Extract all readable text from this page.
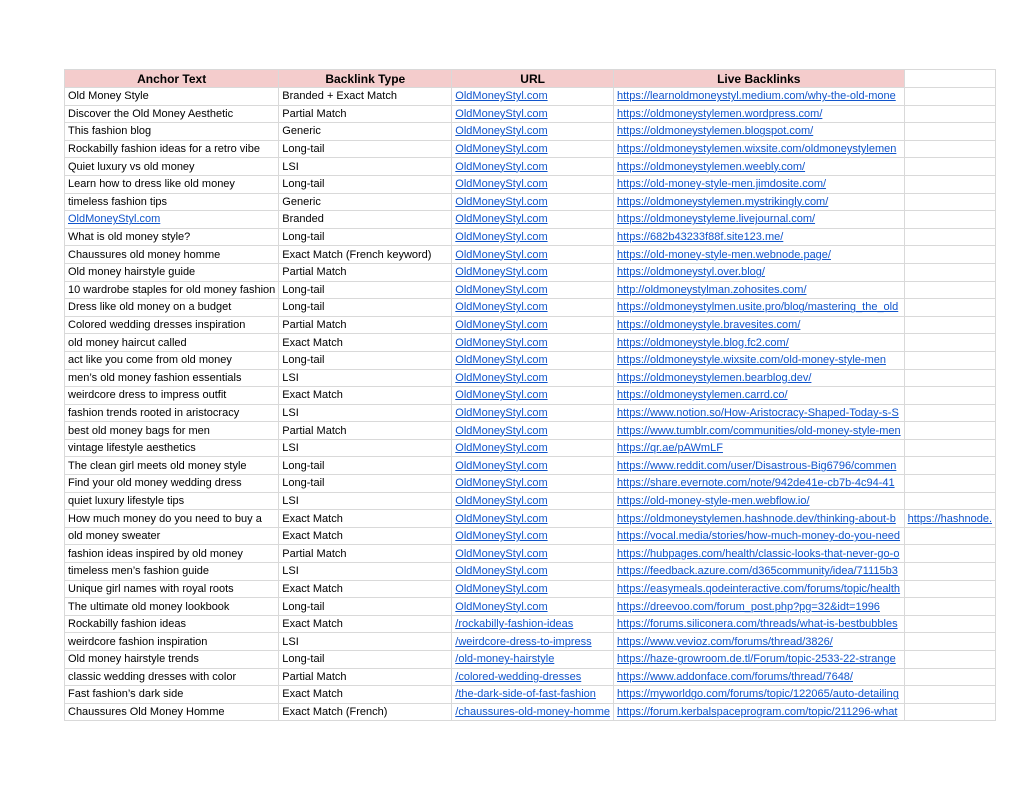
Anchor Text	Backlink Type	URL	Live Backlinks	
Old Money Style	Branded + Exact Match	OldMoneyStyl.com	https://learnoldmoneystyl.medium.com/why-the-old-mone	
Discover the Old Money Aesthetic	Partial Match	OldMoneyStyl.com	https://oldmoneystylemen.wordpress.com/	
This fashion blog	Generic	OldMoneyStyl.com	https://oldmoneystylemen.blogspot.com/	
Rockabilly fashion ideas for a retro vibe	Long-tail	OldMoneyStyl.com	https://oldmoneystylemen.wixsite.com/oldmoneystylemen	
Quiet luxury vs old money	LSI	OldMoneyStyl.com	https://oldmoneystylemen.weebly.com/	
Learn how to dress like old money	Long-tail	OldMoneyStyl.com	https://old-money-style-men.jimdosite.com/	
timeless fashion tips	Generic	OldMoneyStyl.com	https://oldmoneystylemen.mystrikingly.com/	
OldMoneyStyl.com	Branded	OldMoneyStyl.com	https://oldmoneystyleme.livejournal.com/	
What is old money style?	Long-tail	OldMoneyStyl.com	https://682b43233f88f.site123.me/	
Chaussures old money homme	Exact Match (French keyword)	OldMoneyStyl.com	https://old-money-style-men.webnode.page/	
Old money hairstyle guide	Partial Match	OldMoneyStyl.com	https://oldmoneystyl.over.blog/	
10 wardrobe staples for old money fashion	Long-tail	OldMoneyStyl.com	http://oldmoneystylman.zohosites.com/	
Dress like old money on a budget	Long-tail	OldMoneyStyl.com	https://oldmoneystylmen.usite.pro/blog/mastering_the_old	
Colored wedding dresses inspiration	Partial Match	OldMoneyStyl.com	https://oldmoneystyle.bravesites.com/	
old money haircut called	Exact Match	OldMoneyStyl.com	https://oldmoneystyle.blog.fc2.com/	
act like you come from old money	Long-tail	OldMoneyStyl.com	https://oldmoneystyle.wixsite.com/old-money-style-men	
men’s old money fashion essentials	LSI	OldMoneyStyl.com	https://oldmoneystylemen.bearblog.dev/	
weirdcore dress to impress outfit	Exact Match	OldMoneyStyl.com	https://oldmoneystylemen.carrd.co/	
fashion trends rooted in aristocracy	LSI	OldMoneyStyl.com	https://www.notion.so/How-Aristocracy-Shaped-Today-s-S	
best old money bags for men	Partial Match	OldMoneyStyl.com	https://www.tumblr.com/communities/old-money-style-men	
vintage lifestyle aesthetics	LSI	OldMoneyStyl.com	https://qr.ae/pAWmLF	
The clean girl meets old money style	Long-tail	OldMoneyStyl.com	https://www.reddit.com/user/Disastrous-Big6796/commen	
Find your old money wedding dress	Long-tail	OldMoneyStyl.com	https://share.evernote.com/note/942de41e-cb7b-4c94-41	
quiet luxury lifestyle tips	LSI	OldMoneyStyl.com	https://old-money-style-men.webflow.io/	
How much money do you need to buy a	Exact Match	OldMoneyStyl.com	https://oldmoneystylemen.hashnode.dev/thinking-about-b	https://hashnode.
old money sweater	Exact Match	OldMoneyStyl.com	https://vocal.media/stories/how-much-money-do-you-need	
fashion ideas inspired by old money	Partial Match	OldMoneyStyl.com	https://hubpages.com/health/classic-looks-that-never-go-o	
timeless men’s fashion guide	LSI	OldMoneyStyl.com	https://feedback.azure.com/d365community/idea/71115b3	
Unique girl names with royal roots	Exact Match	OldMoneyStyl.com	https://easymeals.qodeinteractive.com/forums/topic/health	
The ultimate old money lookbook	Long-tail	OldMoneyStyl.com	https://dreevoo.com/forum_post.php?pg=32&idt=1996	
Rockabilly fashion ideas	Exact Match	/rockabilly-fashion-ideas	https://forums.siliconera.com/threads/what-is-bestbubbles	
weirdcore fashion inspiration	LSI	/weirdcore-dress-to-impress	https://www.vevioz.com/forums/thread/3826/	
Old money hairstyle trends	Long-tail	/old-money-hairstyle	https://haze-growroom.de.tl/Forum/topic-2533-22-strange	
classic wedding dresses with color	Partial Match	/colored-wedding-dresses	https://www.addonface.com/forums/thread/7648/	
Fast fashion’s dark side	Exact Match	/the-dark-side-of-fast-fashion	https://myworldgo.com/forums/topic/122065/auto-detailing	
Chaussures Old Money Homme	Exact Match (French)	/chaussures-old-money-homme	https://forum.kerbalspaceprogram.com/topic/211296-what	
